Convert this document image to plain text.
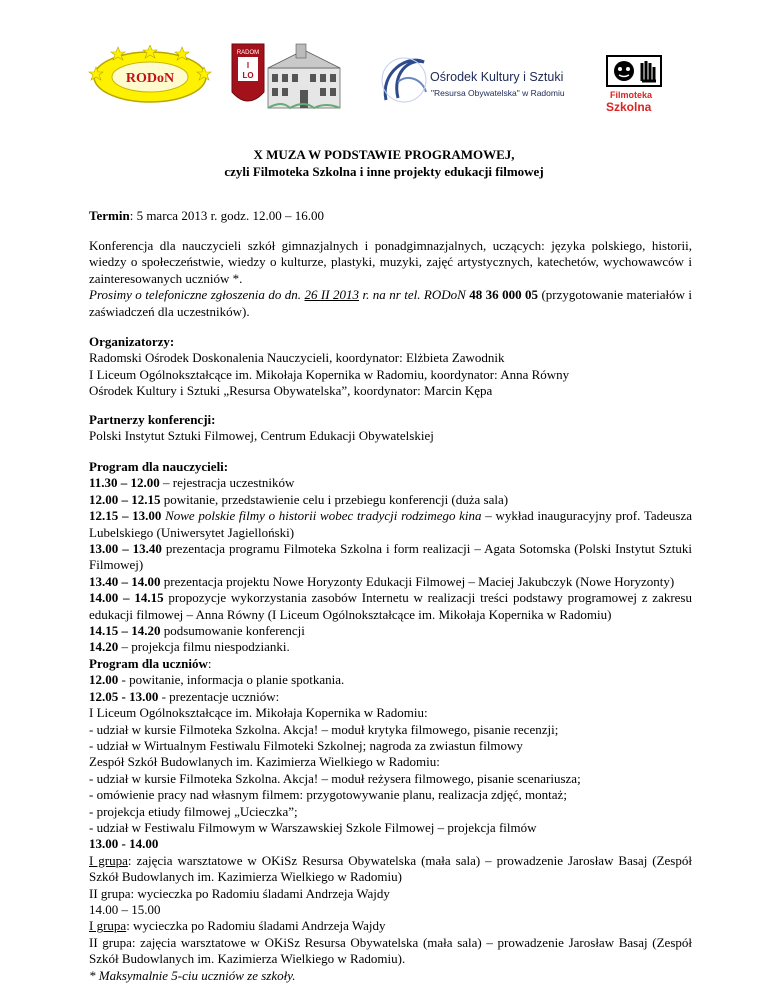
RODoN
RADOM
I
LO	Ośrodek Kultury i Sztuki
"Resursa Obywatelska" w Radomiu	Filmoteka
Szkolna
X MUZA W PODSTAWIE PROGRAMOWEJ,
czyli Filmoteka Szkolna i inne projekty edukacji filmowej
Termin: 5 marca 2013 r. godz. 12.00 – 16.00
Konferencja dla nauczycieli szkół gimnazjalnych i ponadgimnazjalnych, uczących: języka polskiego, historii, wiedzy o społeczeństwie, wiedzy o kulturze, plastyki, muzyki, zajęć artystycznych, katechetów, wychowawców i zainteresowanych uczniów *.
Prosimy o telefoniczne zgłoszenia do dn. 26 II 2013 r. na nr tel. RODoN 48 36 000 05 (przygotowanie materiałów i zaświadczeń dla uczestników).
Organizatorzy:
Radomski Ośrodek Doskonalenia Nauczycieli, koordynator: Elżbieta Zawodnik
I Liceum Ogólnokształcące im. Mikołaja Kopernika w Radomiu, koordynator: Anna Równy
Ośrodek Kultury i Sztuki „Resursa Obywatelska”, koordynator: Marcin Kępa
Partnerzy konferencji:
Polski Instytut Sztuki Filmowej, Centrum Edukacji Obywatelskiej
Program dla nauczycieli:
11.30 – 12.00 – rejestracja uczestników
12.00 – 12.15 powitanie, przedstawienie celu i przebiegu konferencji (duża sala)
12.15 – 13.00 Nowe polskie filmy o historii wobec tradycji rodzimego kina – wykład inauguracyjny prof. Tadeusza Lubelskiego (Uniwersytet Jagielloński)
13.00 – 13.40 prezentacja programu Filmoteka Szkolna i form realizacji – Agata Sotomska (Polski Instytut Sztuki Filmowej)
13.40 – 14.00 prezentacja projektu Nowe Horyzonty Edukacji Filmowej – Maciej Jakubczyk (Nowe Horyzonty)
14.00 – 14.15 propozycje wykorzystania zasobów Internetu w realizacji treści podstawy programowej z zakresu edukacji filmowej – Anna Równy (I Liceum Ogólnokształcące im. Mikołaja Kopernika w Radomiu)
14.15 – 14.20 podsumowanie konferencji
14.20 – projekcja filmu niespodzianki.
Program dla uczniów:
12.00 - powitanie, informacja o planie spotkania.
12.05 - 13.00 - prezentacje uczniów:
I Liceum Ogólnokształcące im. Mikołaja Kopernika w Radomiu:
- udział w kursie Filmoteka Szkolna. Akcja! – moduł krytyka filmowego, pisanie recenzji;
- udział w Wirtualnym Festiwalu Filmoteki Szkolnej; nagroda za zwiastun filmowy
Zespół Szkół Budowlanych im. Kazimierza Wielkiego w Radomiu:
- udział w kursie Filmoteka Szkolna. Akcja! – moduł reżysera filmowego, pisanie scenariusza;
- omówienie pracy nad własnym filmem: przygotowywanie planu, realizacja zdjęć, montaż;
- projekcja etiudy filmowej „Ucieczka”;
- udział w Festiwalu Filmowym w Warszawskiej Szkole Filmowej – projekcja filmów
13.00 - 14.00
I grupa: zajęcia warsztatowe w OKiSz Resursa Obywatelska (mała sala) – prowadzenie Jarosław Basaj (Zespół Szkół Budowlanych im. Kazimierza Wielkiego w Radomiu)
II grupa: wycieczka po Radomiu śladami Andrzeja Wajdy
14.00 – 15.00
I grupa: wycieczka po Radomiu śladami Andrzeja Wajdy
II grupa: zajęcia warsztatowe w OKiSz Resursa Obywatelska (mała sala) – prowadzenie Jarosław Basaj (Zespół Szkół Budowlanych im. Kazimierza Wielkiego w Radomiu).
* Maksymalnie 5-ciu uczniów ze szkoły.
